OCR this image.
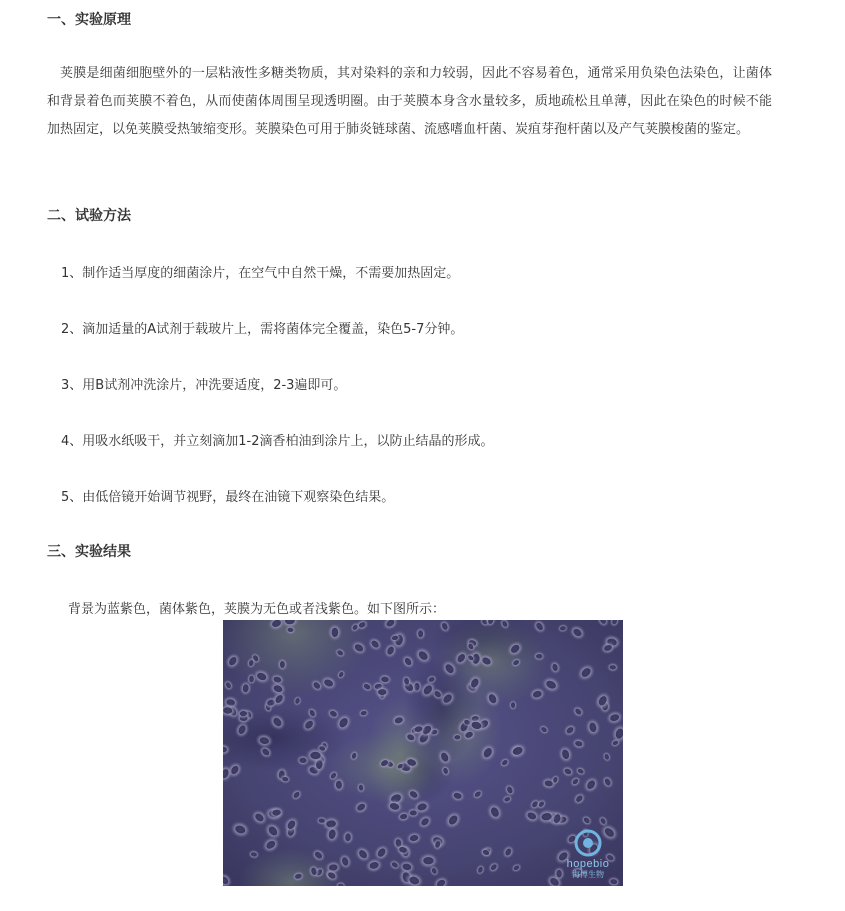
一、实验原理
荚膜是细菌细胞壁外的一层粘液性多糖类物质，其对染料的亲和力较弱，因此不容易着色，通常采用负染色法染色，让菌体和背景着色而荚膜不着色，从而使菌体周围呈现透明圈。由于荚膜本身含水量较多，质地疏松且单薄，因此在染色的时候不能加热固定，以免荚膜受热皱缩变形。荚膜染色可用于肺炎链球菌、流感嗜血杆菌、炭疽芽孢杆菌以及产气荚膜梭菌的鉴定。
二、试验方法
1、制作适当厚度的细菌涂片，在空气中自然干燥，不需要加热固定。
2、滴加适量的A试剂于载玻片上，需将菌体完全覆盖，染色5-7分钟。
3、用B试剂冲洗涂片，冲洗要适度，2-3遍即可。
4、用吸水纸吸干，并立刻滴加1-2滴香柏油到涂片上，以防止结晶的形成。
5、由低倍镜开始调节视野，最终在油镜下观察染色结果。
三、实验结果
背景为蓝紫色，菌体紫色，荚膜为无色或者浅紫色。如下图所示：
hopebio
海博生物
